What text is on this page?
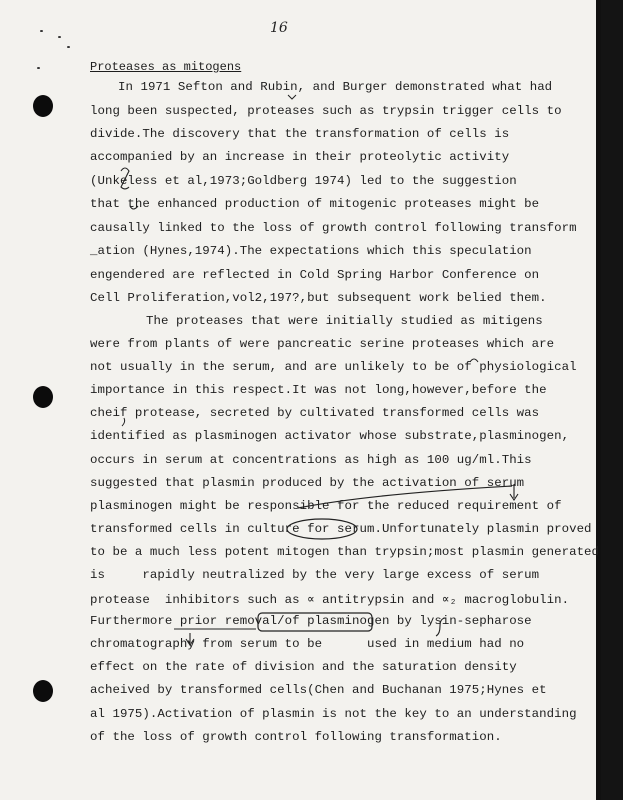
16
Proteases as mitogens
In 1971 Sefton and Rubin, and Burger demonstrated what had
long been suspected, proteases such as trypsin trigger cells to
divide.The discovery that the transformation of cells is
accompanied by an increase in their proteolytic activity
(Unkeless et al,1973;Goldberg 1974) led to the suggestion
that the enhanced production of mitogenic proteases might be
causally linked to the loss of growth control following transform
_ation (Hynes,1974).The expectations which this speculation
engendered are reflected in Cold Spring Harbor Conference on
Cell Proliferation,vol2,197?,but subsequent work belied them.
The proteases that were initially studied as mitigens
were from plants of were pancreatic serine proteases which are
not usually in the serum, and are unlikely to be of physiological
importance in this respect.It was not long,however,before the
cheif protease, secreted by cultivated transformed cells was
identified as plasminogen activator whose substrate,plasminogen,
occurs in serum at concentrations as high as 100 ug/ml.This
suggested that plasmin produced by the activation of serum
plasminogen might be responsible for the reduced requirement of
transformed cells in culture for serum.Unfortunately plasmin proved
to be a much less potent mitogen than trypsin;most plasmin generated
is     rapidly neutralized by the very large excess of serum
protease  inhibitors such as ∝ antitrypsin and ∝₂ macroglobulin.
Furthermore prior removal/of plasminogen by lysin-sepharose
chromatography from serum to be      used in medium had no
effect on the rate of division and the saturation density
acheived by transformed cells(Chen and Buchanan 1975;Hynes et
al 1975).Activation of plasmin is not the key to an understanding
of the loss of growth control following transformation.
